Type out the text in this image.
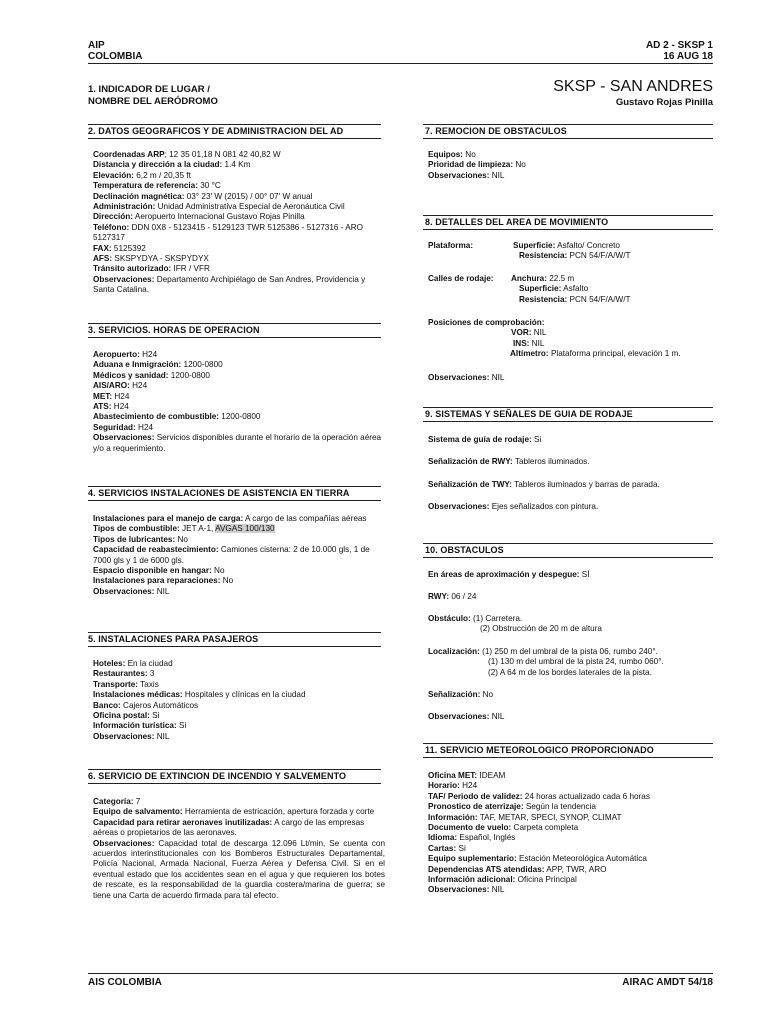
AIP
COLOMBIA
AD 2 - SKSP 1
16 AUG 18
1. INDICADOR DE LUGAR /
NOMBRE DEL AERÓDROMO
SKSP - SAN ANDRES
Gustavo Rojas Pinilla
2. DATOS GEOGRAFICOS Y DE ADMINISTRACION DEL AD
Coordenadas ARP; 12 35 01,18 N 081 42 40,82 W
Distancia y dirección a la ciudad: 1.4 Km
Elevación: 6,2 m / 20,35 ft
Temperatura de referencia: 30 °C
Declinación magnética: 03° 23' W (2015) / 00° 07' W anual
Administración: Unidad Administrativa Especial de Aeronáutica Civil
Dirección: Aeropuerto Internacional Gustavo Rojas Pinilla
Teléfono: DDN 0X8 - 5123415 - 5129123 TWR 5125386 - 5127316 - ARO 5127317
FAX: 5125392
AFS: SKSPYDYA - SKSPYDYX
Tránsito autorizado: IFR / VFR
Observaciones: Departamento Archipiélago de San Andres, Providencia y Santa Catalina.
3. SERVICIOS. HORAS DE OPERACION
Aeropuerto: H24
Aduana e Inmigración: 1200-0800
Médicos y sanidad: 1200-0800
AIS/ARO: H24
MET: H24
ATS: H24
Abastecimiento de combustible: 1200-0800
Seguridad: H24
Observaciones: Servicios disponibles durante el horario de la operación aérea y/o a requerimiento.
4. SERVICIOS INSTALACIONES DE ASISTENCIA EN TIERRA
Instalaciones para el manejo de carga: A cargo de las compañías aéreas
Tipos de combustible: JET A-1, AVGAS 100/130
Tipos de lubricantes: No
Capacidad de reabastecimiento: Camiones cisterna: 2 de 10.000 gls, 1 de 7000 gls y 1 de 6000 gls.
Espacio disponible en hangar: No
Instalaciones para reparaciones: No
Observaciones: NIL
5. INSTALACIONES PARA PASAJEROS
Hoteles: En la ciudad
Restaurantes: 3
Transporte: Taxis
Instalaciones médicas: Hospitales y clínicas en la ciudad
Banco: Cajeros Automáticos
Oficina postal: Si
Información turística: Si
Observaciones: NIL
6. SERVICIO DE EXTINCION DE INCENDIO Y SALVEMENTO
Categoría: 7
Equipo de salvamento: Herramienta de estricación, apertura forzada y corte
Capacidad para retirar aeronaves inutilizadas: A cargo de las empresas aéreas o propietarios de las aeronaves.
Observaciones: Capacidad total de descarga 12.096 Lt/min, Se cuenta con acuerdos interinstitucionales con los Bomberos Estructurales Departamental, Policía Nacional, Armada Nacional, Fuerza Aérea y Defensa Civil. Si en el eventual estado que los accidentes sean en el agua y que requieren los botes de rescate, es la responsabilidad de la guardia costera/marina de guerra; se tiene una Carta de acuerdo firmada para tal efecto.
7. REMOCION DE OBSTACULOS
Equipos: No
Prioridad de limpieza: No
Observaciones: NIL
8. DETALLES DEL AREA DE MOVIMIENTO
Plataforma:	Superficie: Asfalto/ Concreto
Resistencia: PCN 54/F/A/W/T
Calles de rodaje: Anchura: 22.5 m
Superficie: Asfalto
Resistencia: PCN 54/F/A/W/T
Posiciones de comprobación:
VOR: NIL
INS: NIL
Altímetro: Plataforma principal, elevación 1 m.
Observaciones: NIL
9. SISTEMAS Y SEÑALES DE GUIA DE RODAJE
Sistema de guía de rodaje: Si
Señalización de RWY: Tableros iluminados.
Señalización de TWY: Tableros iluminados y barras de parada.
Observaciones: Ejes señalizados con pintura.
10. OBSTACULOS
En áreas de aproximación y despegue: SÍ
RWY: 06 / 24
Obstáculo: (1) Carretera.
(2) Obstrucción de 20 m de altura
Localización: (1) 250 m del umbral de la pista 06, rumbo 240°.
(1) 130 m del umbral de la pista 24, rumbo 060°.
(2) A 64 m de los bordes laterales de la pista.
Señalización: No
Observaciones: NIL
11. SERVICIO METEOROLOGICO PROPORCIONADO
Oficina MET: IDEAM
Horario: H24
TAF/ Periodo de validez: 24 horas actualizado cada 6 horas
Pronostico de aterrizaje: Según la tendencia
Información: TAF, METAR, SPECI, SYNOP, CLIMAT
Documento de vuelo: Carpeta completa
Idioma: Español, Inglés
Cartas: Si
Equipo suplementario: Estación Meteorológica Automática
Dependencias ATS atendidas: APP, TWR, ARO
Información adicional: Oficina Principal
Observaciones: NIL
AIS COLOMBIA	AIRAC AMDT 54/18
